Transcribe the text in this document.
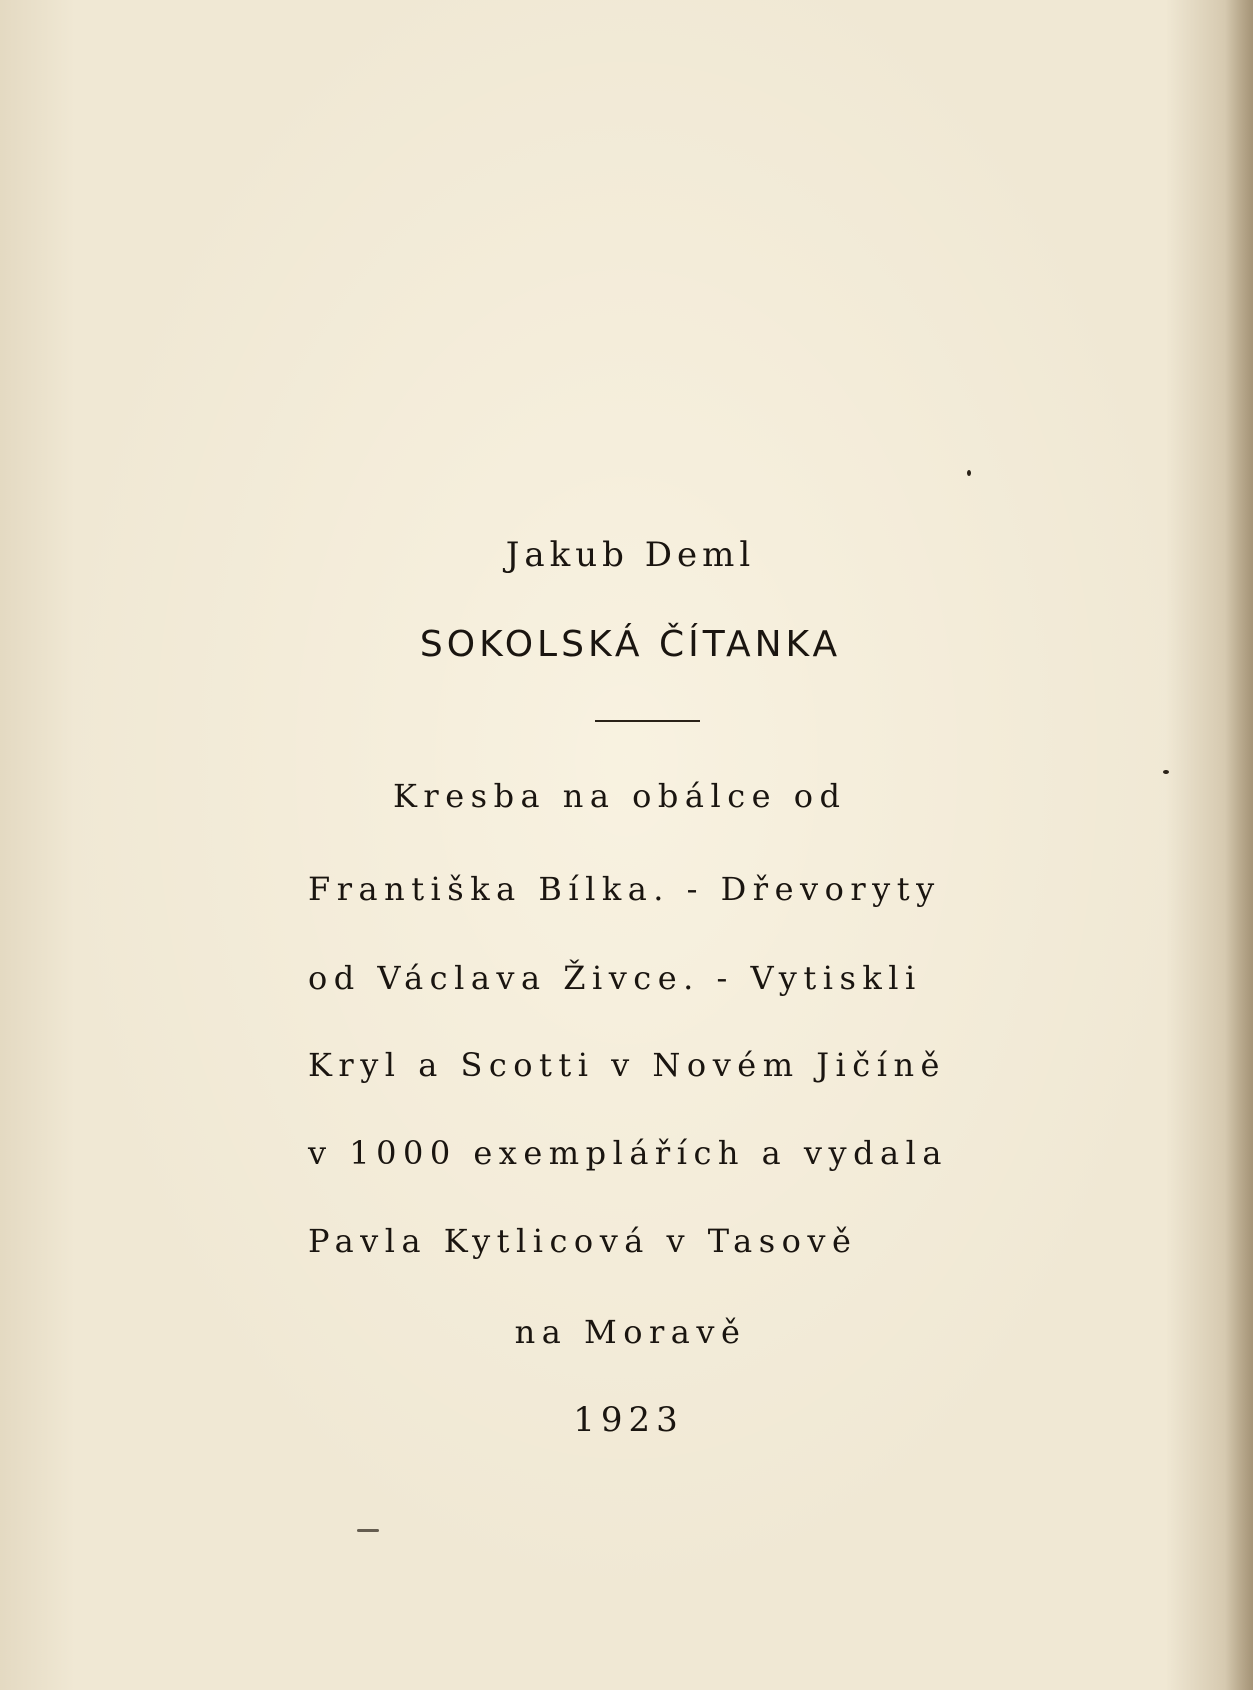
Jakub Deml
SOKOLSKÁ ČÍTANKA
Kresba na obálce od
Františka Bílka. - Dřevoryty
od Václava Živce. - Vytiskli
Kryl a Scotti v Novém Jičíně
v 1000 exemplářích a vydala
Pavla Kytlicová v Tasově
na Moravě
1923
